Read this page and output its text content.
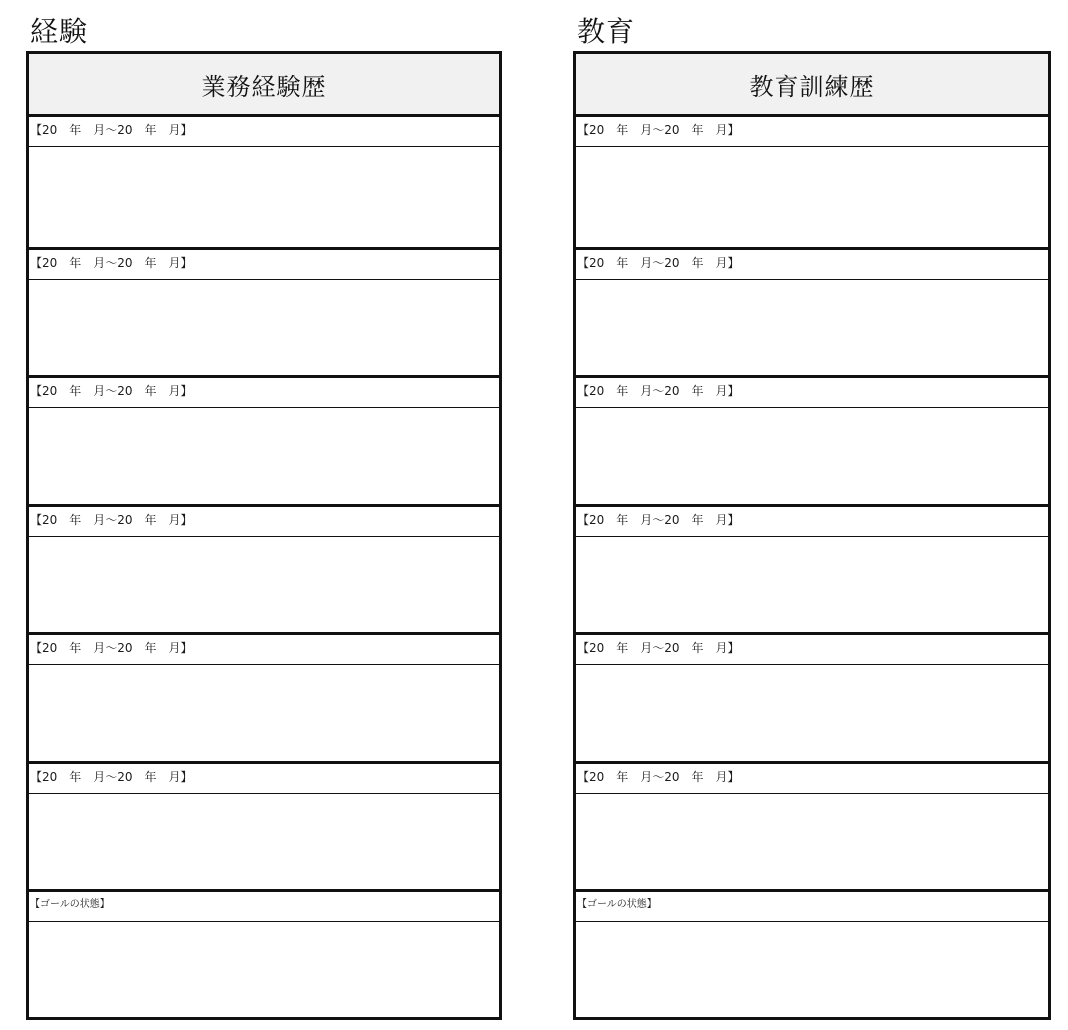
経験
業務経験歴
【20　年　月～20　年　月】
【20　年　月～20　年　月】
【20　年　月～20　年　月】
【20　年　月～20　年　月】
【20　年　月～20　年　月】
【20　年　月～20　年　月】
【ゴールの状態】
教育
教育訓練歴
【20　年　月～20　年　月】
【20　年　月～20　年　月】
【20　年　月～20　年　月】
【20　年　月～20　年　月】
【20　年　月～20　年　月】
【20　年　月～20　年　月】
【ゴールの状態】
